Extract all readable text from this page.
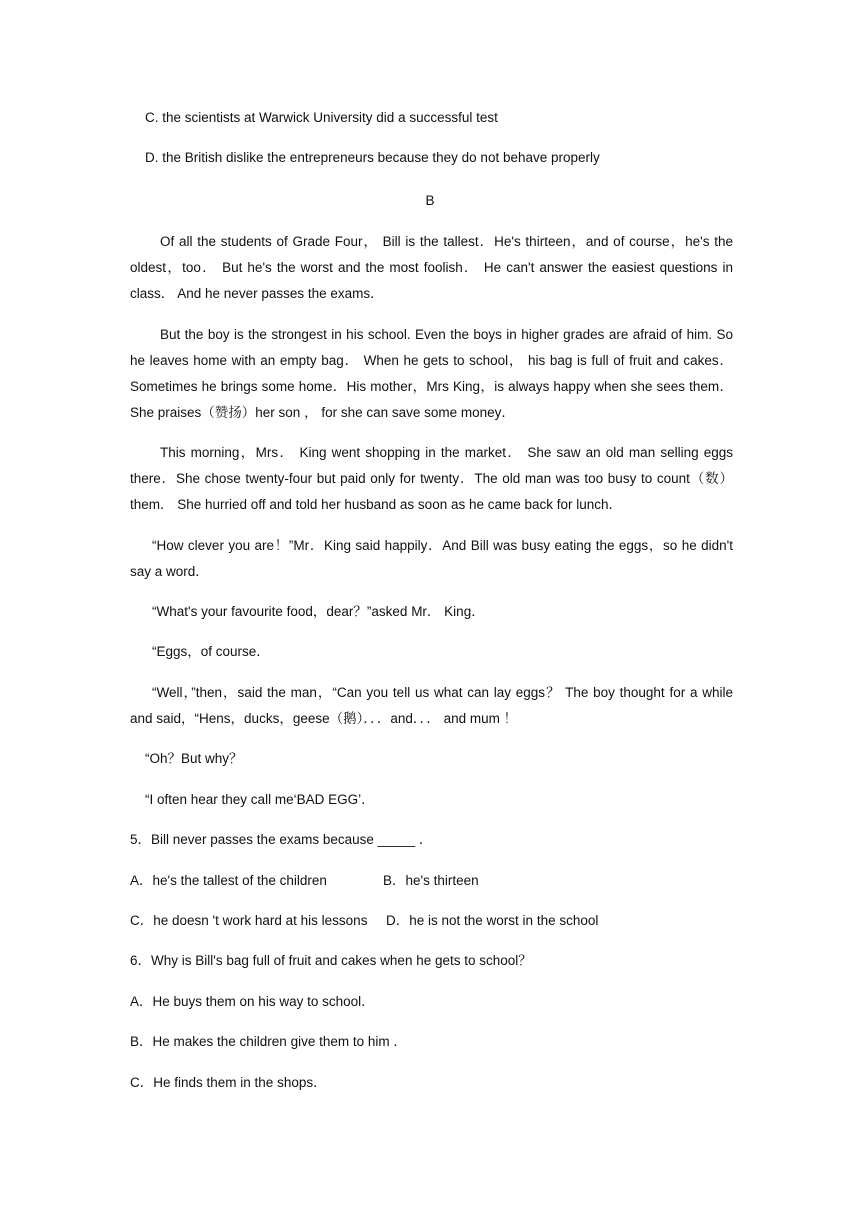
C. the scientists at Warwick University did a successful test

D. the British dislike the entrepreneurs because they do not behave properly

B

Of all the students of Grade Four， Bill is the tallest．He's thirteen，and of course，he's the oldest，too． But he's the worst and the most foolish． He can't answer the easiest questions in class． And he never passes the exams．

But the boy is the strongest in his school. Even the boys in higher grades are afraid of him. So he leaves home with an empty bag． When he gets to school， his bag is full of fruit and cakes．Sometimes he brings some home．His mother，Mrs King，is always happy when she sees them． She praises（赞扬）her son ， for she can save some money．

This morning，Mrs． King went shopping in the market． She saw an old man selling eggs there．She chose twenty-four but paid only for twenty．The old man was too busy to count（数）them． She hurried off and told her husband as soon as he came back for lunch．

“How clever you are！”Mr．King said happily．And Bill was busy eating the eggs，so he didn't say a word．

“What's your favourite food，dear？”asked Mr． King．

“Eggs，of course．

“Well，”then，said the man，“Can you tell us what can lay eggs？ The boy thought for a while and said，“Hens，ducks，geese（鹅）．．．and．．． and mum ！

“Oh？But why？

“I often hear they call me‘BAD EGG’．

5．Bill never passes the exams because _____ ．

A．he's the tallest of the children	B．he's thirteen

C．he doesn 't work hard at his lessons	D．he is not the worst in the school

6．Why is Bill's bag full of fruit and cakes when he gets to school？

A．He buys them on his way to school．

B．He makes the children give them to him ．

C．He finds them in the shops．
